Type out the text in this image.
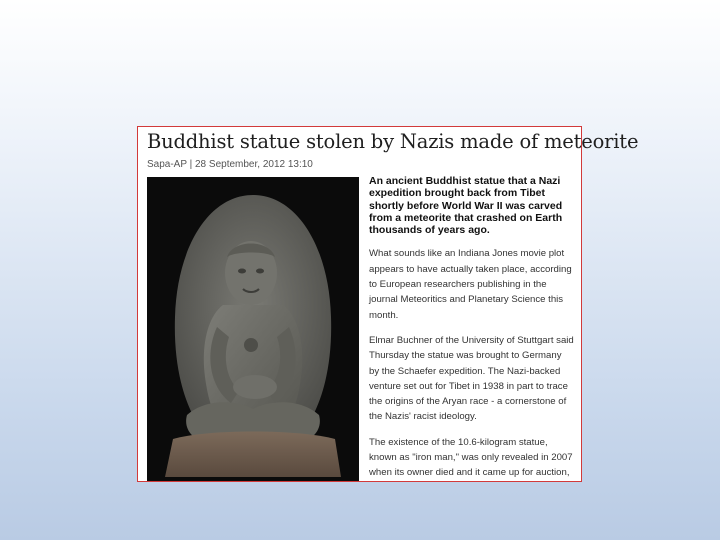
Buddhist statue stolen by Nazis made of meteorite
Sapa-AP | 28 September, 2012 13:10

An ancient Buddhist statue that a Nazi expedition brought back from Tibet shortly before World War II was carved from a meteorite that crashed on Earth thousands of years ago.

What sounds like an Indiana Jones movie plot appears to have actually taken place, according to European researchers publishing in the journal Meteoritics and Planetary Science this month.

Elmar Buchner of the University of Stuttgart said Thursday the statue was brought to Germany by the Schaefer expedition. The Nazi-backed venture set out for Tibet in 1938 in part to trace the origins of the Aryan race - a cornerstone of the Nazis' racist ideology.

The existence of the 10.6-kilogram statue, known as "iron man," was only revealed in 2007 when its owner died and it came up for auction,
